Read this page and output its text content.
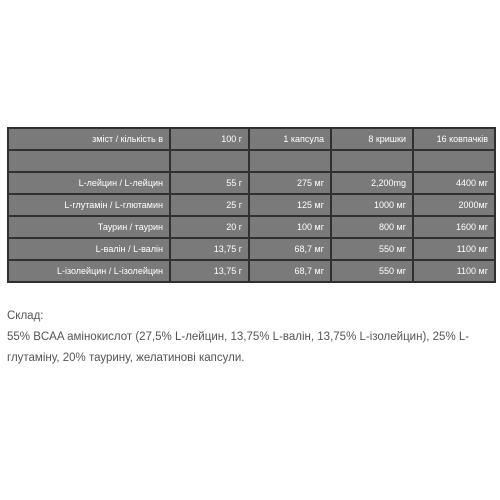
зміст / кількість в	100 г	1 капсула	8 кришки	16 ковпачків

L-лейцин / L-лейцин	55 г	275 мг	2,200mg	4400 мг
L-глутамін / L-глютамин	25 г	125 мг	1000 мг	2000мг
Таурин / таурин	20 г	100 мг	800 мг	1600 мг
L-валін / L-валін	13,75 г	68,7 мг	550 мг	1100 мг
L-ізолейцин / L-ізолейцин	13,75 г	68,7 мг	550 мг	1100 мг

Склад:

55% BCAA амінокислот (27,5% L-лейцин, 13,75% L-валін, 13,75% L-ізолейцин), 25% L-глутаміну, 20% таурину, желатинові капсули.
